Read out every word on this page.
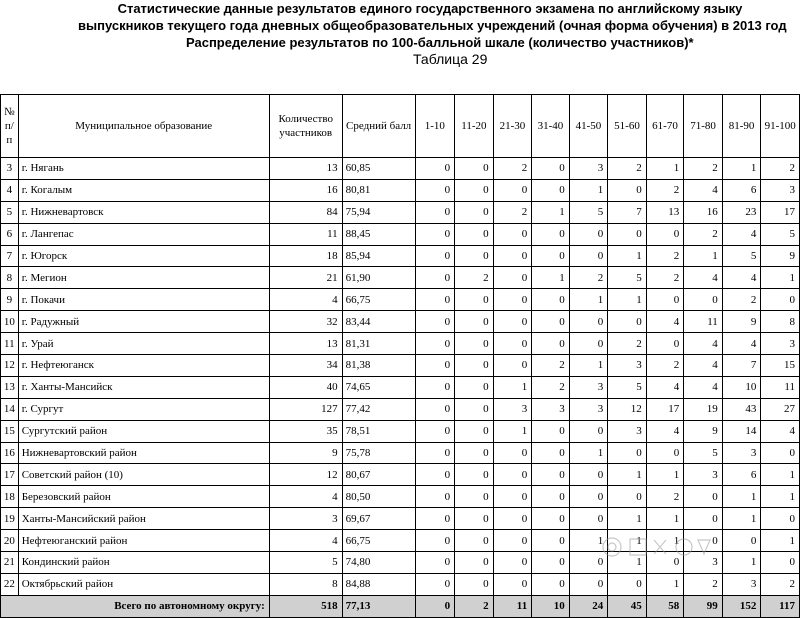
Статистические данные результатов единого государственного экзамена по английскому языку
выпускников текущего года дневных общеобразовательных учреждений (очная форма обучения) в 2013 год
Распределение результатов по 100-балльной шкале (количество участников)*
Таблица 29
№ п/п	Муниципальное образование	Количество участников	Средний балл	1-10	11-20	21-30	31-40	41-50	51-60	61-70	71-80	81-90	91-100
3	г. Нягань	13	60,85	0	0	2	0	3	2	1	2	1	2
4	г. Когалым	16	80,81	0	0	0	0	1	0	2	4	6	3
5	г. Нижневартовск	84	75,94	0	0	2	1	5	7	13	16	23	17
6	г. Лангепас	11	88,45	0	0	0	0	0	0	0	2	4	5
7	г. Югорск	18	85,94	0	0	0	0	0	1	2	1	5	9
8	г. Мегион	21	61,90	0	2	0	1	2	5	2	4	4	1
9	г. Покачи	4	66,75	0	0	0	0	1	1	0	0	2	0
10	г. Радужный	32	83,44	0	0	0	0	0	0	4	11	9	8
11	г. Урай	13	81,31	0	0	0	0	0	2	0	4	4	3
12	г. Нефтеюганск	34	81,38	0	0	0	2	1	3	2	4	7	15
13	г. Ханты-Мансийск	40	74,65	0	0	1	2	3	5	4	4	10	11
14	г. Сургут	127	77,42	0	0	3	3	3	12	17	19	43	27
15	Сургутский район	35	78,51	0	0	1	0	0	3	4	9	14	4
16	Нижневартовский район	9	75,78	0	0	0	0	1	0	0	5	3	0
17	Советский район (10)	12	80,67	0	0	0	0	0	1	1	3	6	1
18	Березовский район	4	80,50	0	0	0	0	0	0	2	0	1	1
19	Ханты-Мансийский район	3	69,67	0	0	0	0	0	1	1	0	1	0
20	Нефтеюганский район	4	66,75	0	0	0	0	1	1	1	0	0	1
21	Кондинский район	5	74,80	0	0	0	0	0	1	0	3	1	0
22	Октябрьский район	8	84,88	0	0	0	0	0	0	1	2	3	2
Всего по автономному округу:		518	77,13	0	2	11	10	24	45	58	99	152	117
